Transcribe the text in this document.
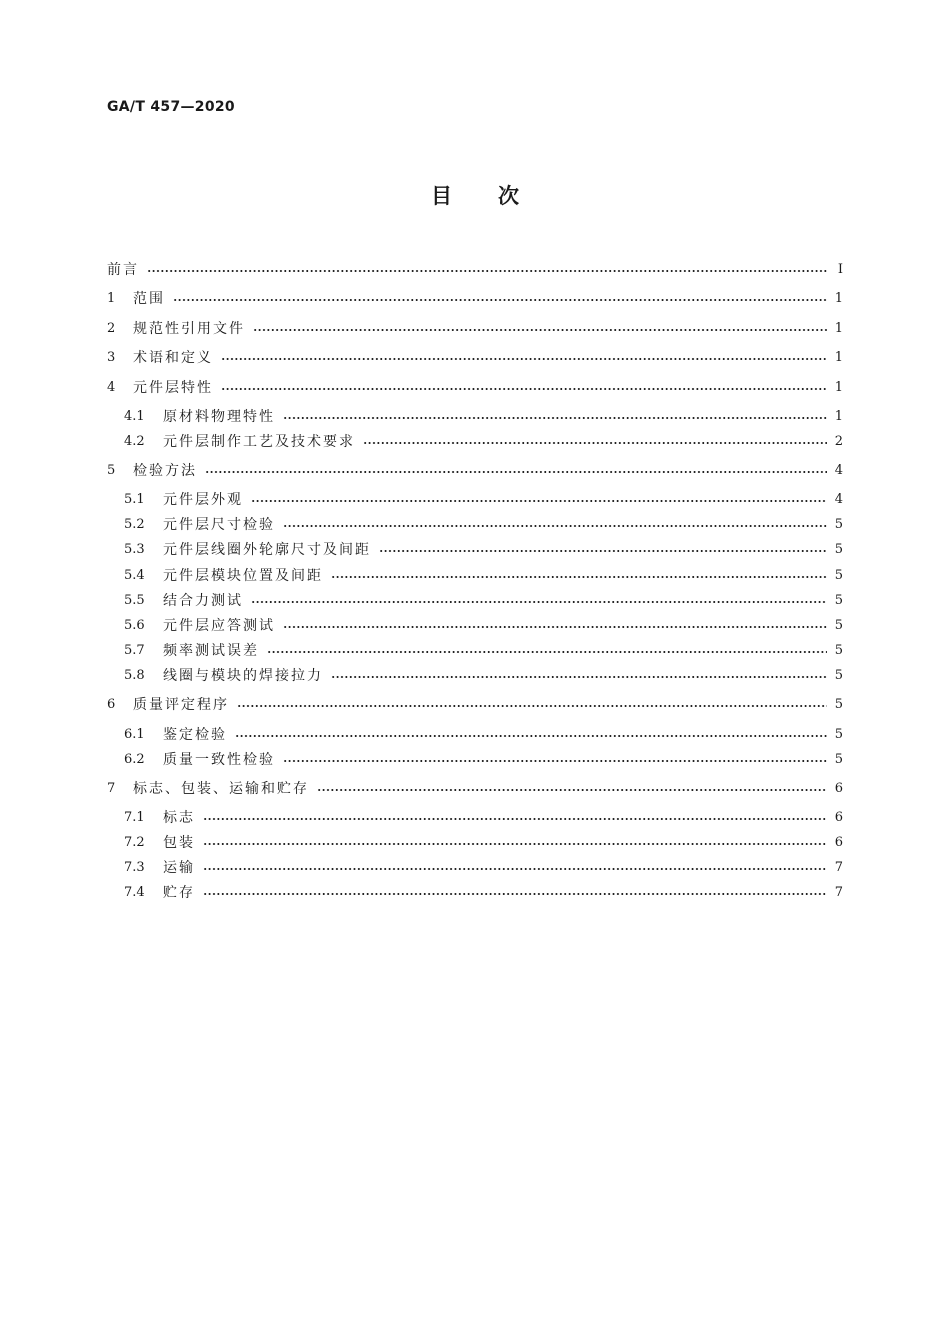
GA/T 457—2020
目次
前言	Ⅰ
1	范围	1
2	规范性引用文件	1
3	术语和定义	1
4	元件层特性	1
4.1	原材料物理特性	1
4.2	元件层制作工艺及技术要求	2
5	检验方法	4
5.1	元件层外观	4
5.2	元件层尺寸检验	5
5.3	元件层线圈外轮廓尺寸及间距	5
5.4	元件层模块位置及间距	5
5.5	结合力测试	5
5.6	元件层应答测试	5
5.7	频率测试误差	5
5.8	线圈与模块的焊接拉力	5
6	质量评定程序	5
6.1	鉴定检验	5
6.2	质量一致性检验	5
7	标志、包装、运输和贮存	6
7.1	标志	6
7.2	包装	6
7.3	运输	7
7.4	贮存	7
